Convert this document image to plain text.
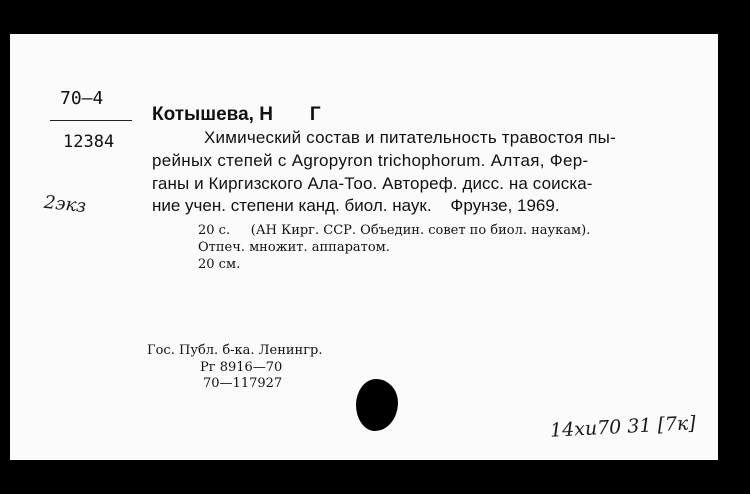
70—4
12384
2экз
Котышева, Н       Г
Химический состав и питательность травостоя пы-
рейных степей с Agropyron trichophorum. Алтая, Фер-
ганы и Киргизского Ала-Тоо. Автореф. дисс. на соиска-
ние учен. степени канд. биол. наук.    Фрунзе, 1969.
20 с.     (АН Кирг. ССР. Объедин. совет по биол. наукам).
Отпеч. множит. аппаратом.
20 см.
Гос. Публ. б-ка. Ленингр.
Рг 8916—70
70—117927
14хи70 31 [7к]
